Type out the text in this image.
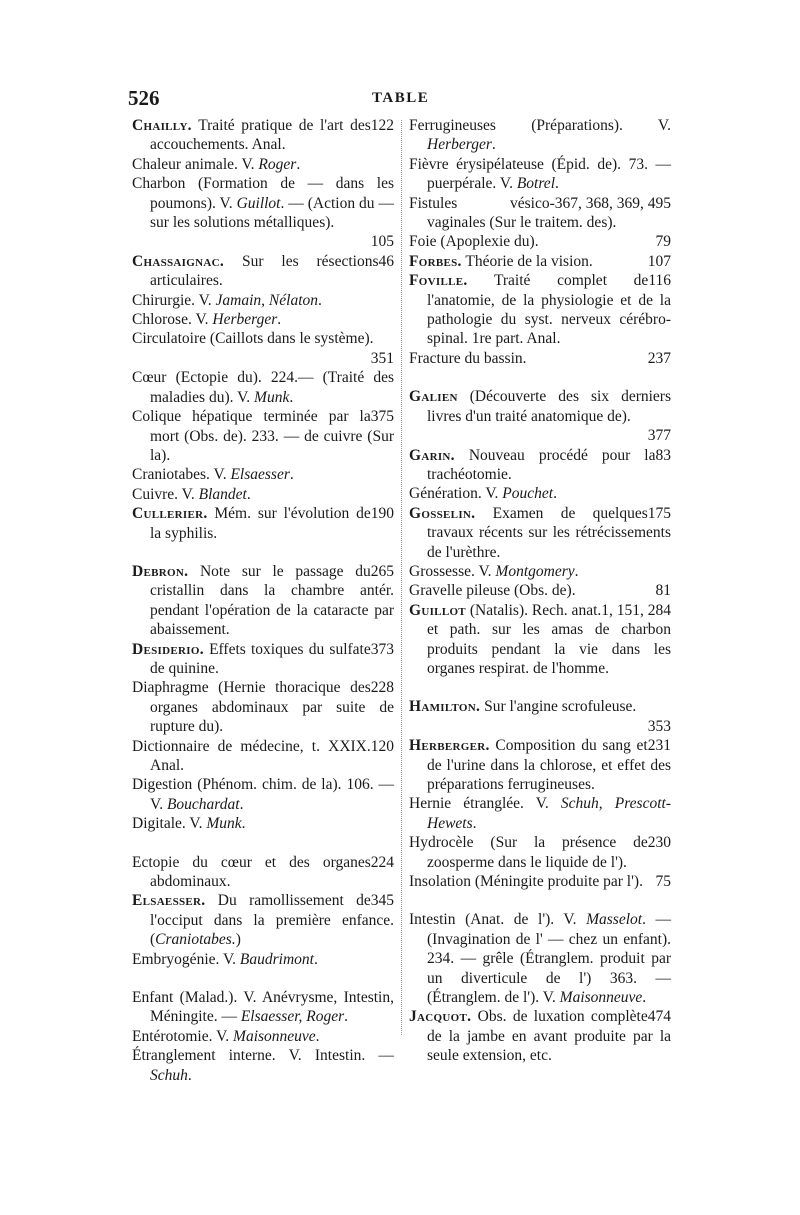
526	TABLE

122
Chailly. Traité pratique de l'art des accouchements. Anal.

Chaleur animale. V. Roger.

Charbon (Formation de — dans les poumons). V. Guillot. — (Action du — sur les solutions métalliques).
105

46
Chassaignac. Sur les résections articulaires.

Chirurgie. V. Jamain, Nélaton.

Chlorose. V. Herberger.

Circulatoire (Caillots dans le système).
351

Cœur (Ectopie du). 224.— (Traité des maladies du). V. Munk.

375
Colique hépatique terminée par la mort (Obs. de). 233. — de cuivre (Sur la).

Craniotabes. V. Elsaesser.

Cuivre. V. Blandet.

190
Cullerier. Mém. sur l'évolution de la syphilis.

265
Debron. Note sur le passage du cristallin dans la chambre antér. pendant l'opération de la cataracte par abaissement.

373
Desiderio. Effets toxiques du sulfate de quinine.

228
Diaphragme (Hernie thoracique des organes abdominaux par suite de rupture du).

120
Dictionnaire de médecine, t. XXIX. Anal.

Digestion (Phénom. chim. de la). 106. — V. Bouchardat.

Digitale. V. Munk.

224
Ectopie du cœur et des organes abdominaux.

345
Elsaesser. Du ramollissement de l'occiput dans la première enfance. (Craniotabes.)

Embryogénie. V. Baudrimont.

Enfant (Malad.). V. Anévrysme, Intestin, Méningite. — Elsaesser, Roger.

Entérotomie. V. Maisonneuve.

Étranglement interne. V. Intestin. — Schuh.

Ferrugineuses (Préparations). V. Herberger.

Fièvre érysipélateuse (Épid. de). 73. — puerpérale. V. Botrel.

367, 368, 369, 495
Fistules vésico-vaginales (Sur le traitem. des).

79
Foie (Apoplexie du).

107
Forbes. Théorie de la vision.

116
Foville. Traité complet de l'anatomie, de la physiologie et de la pathologie du syst. nerveux cérébro-spinal. 1re part. Anal.

237
Fracture du bassin.

Galien (Découverte des six derniers livres d'un traité anatomique de).
377

83
Garin. Nouveau procédé pour la trachéotomie.

Génération. V. Pouchet.

175
Gosselin. Examen de quelques travaux récents sur les rétrécissements de l'urèthre.

Grossesse. V. Montgomery.

81
Gravelle pileuse (Obs. de).

1, 151, 284
Guillot (Natalis). Rech. anat. et path. sur les amas de charbon produits pendant la vie dans les organes respirat. de l'homme.

Hamilton. Sur l'angine scrofuleuse.
353

231
Herberger. Composition du sang et de l'urine dans la chlorose, et effet des préparations ferrugineuses.

Hernie étranglée. V. Schuh, Prescott-Hewets.

230
Hydrocèle (Sur la présence de zoosperme dans le liquide de l').

75
Insolation (Méningite produite par l').

Intestin (Anat. de l'). V. Masselot. — (Invagination de l' — chez un enfant). 234. — grêle (Étranglem. produit par un diverticule de l') 363. — (Étranglem. de l'). V. Maisonneuve.

474
Jacquot. Obs. de luxation complète de la jambe en avant produite par la seule extension, etc.
